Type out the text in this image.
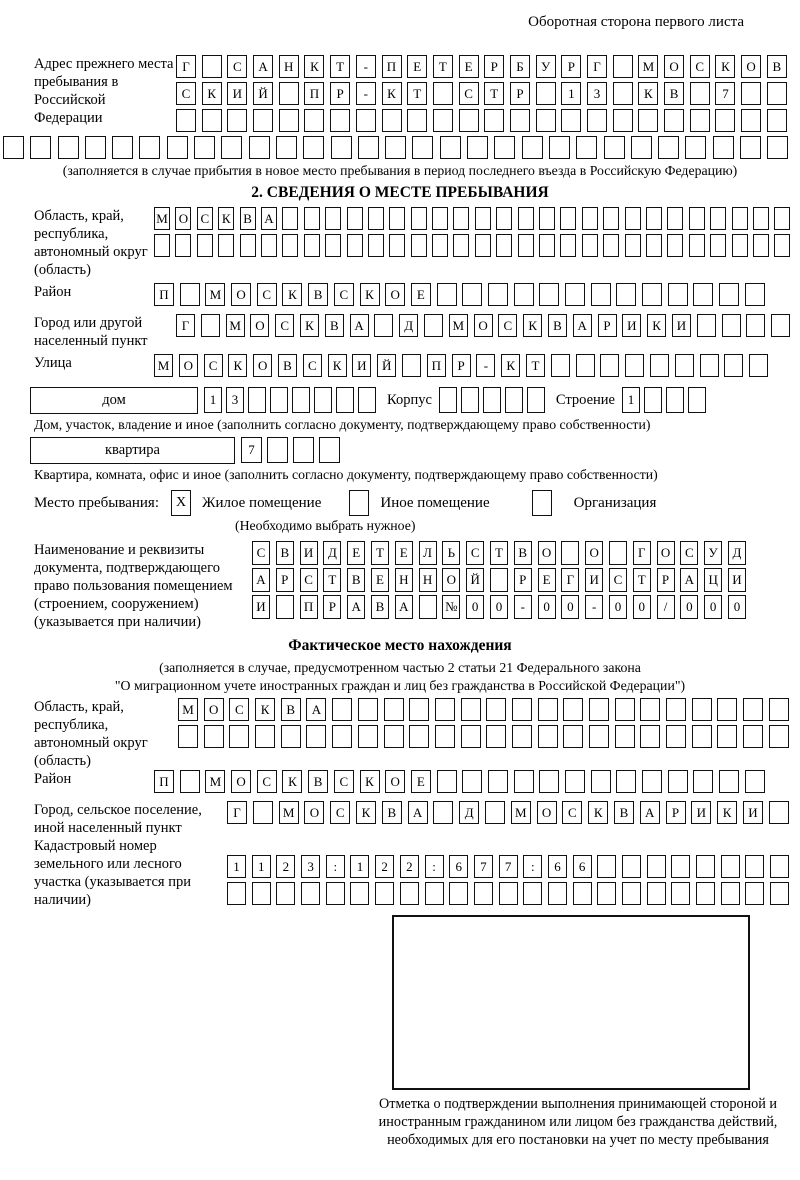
Оборотная сторона первого листа
Адрес прежнего места пребывания в Российской Федерации
Г	С	А	Н	К	Т	-	П	Е	Т	Е	Р	Б	У	Р	Г	М	О	С	К	О	В
С	К	И	Й	П	Р	-	К	Т	С	Т	Р	1	3	К	В	7
(заполняется в случае прибытия в новое место пребывания в период последнего въезда в Российскую Федерацию)
2. СВЕДЕНИЯ О МЕСТЕ ПРЕБЫВАНИЯ
Область, край, республика, автономный округ (область)
М О С К В А
Район	П	М	О	С	К	В	С	К	О	Е
Город или другой населенный пункт
Г	М	О	С	К	В	А	Д	М	О	С	К	В	А	Р	И	К	И
Улица	М	О	С	К	О	В	С	К	И	Й	П	Р	-	К	Т
дом	1	3	Корпус	Строение 1
Дом, участок, владение и иное (заполнить согласно документу, подтверждающему право собственности)
квартира	7
Квартира, комната, офис и иное (заполнить согласно документу, подтверждающему право собственности)
Место пребывания:	X	Жилое помещение	Иное помещение	Организация
(Необходимо выбрать нужное)
Наименование и реквизиты документа, подтверждающего право пользования помещением (строением, сооружением) (указывается при наличии)
С	В	И	Д	Е	Т	Е	Л	Ь	С	Т	В	О	О	Г	О	С	У	Д
А	Р	С	Т	В	Е	Н	Н	О	Й	Р	Е	Г	И	С	Т	Р	А	Ц	И
И	П	Р	А	В	А	№	0	0	-	0	0	-	0	0	/	0	0	0
Фактическое место нахождения
(заполняется в случае, предусмотренном частью 2 статьи 21 Федерального закона
"О миграционном учете иностранных граждан и лиц без гражданства в Российской Федерации")
Область, край, республика, автономный округ (область)
М	О	С	К	В	А
Район	П	М	О	С	К	В	С	К	О	Е
Город, сельское поселение, иной населенный пункт
Г	М	О	С	К	В	А	Д	М	О	С	К	В	А	Р	И	К	И
Кадастровый номер земельного или лесного участка (указывается при наличии)
1	1	2	3	:	1	2	2	:	6	7	7	:	6	6
Отметка о подтверждении выполнения принимающей стороной и иностранным гражданином или лицом без гражданства действий, необходимых для его постановки на учет по месту пребывания
